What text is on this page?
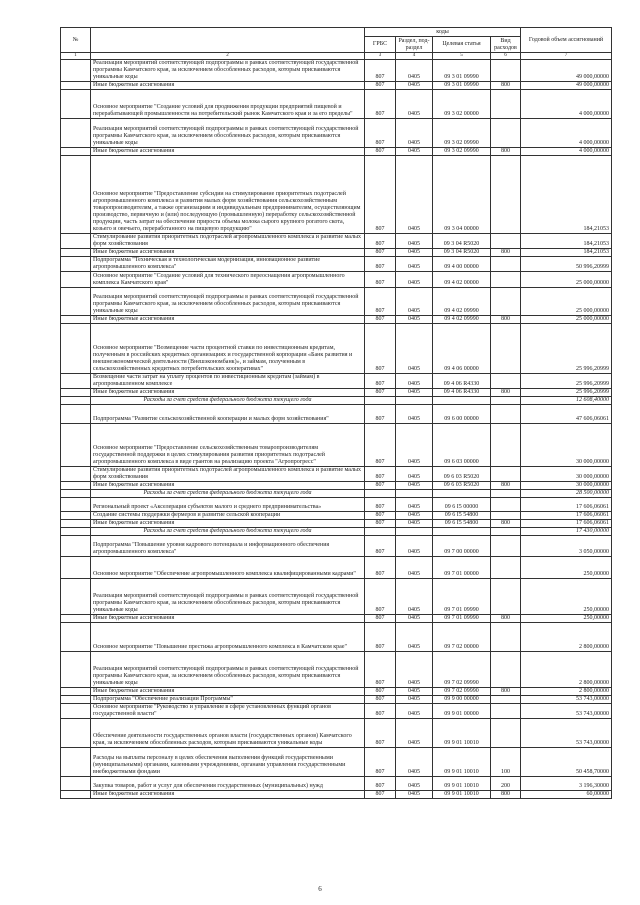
№		коды				Годовой объем ассигнований
		ГРБС	Раздел, под- раздел	Целевая статья	Вид расходов	
1	2	3	4	5	6	7
	Реализация мероприятий соответствующей подпрограммы в рамках соответствующей государственной программы Камчатского края, за исключением обособленных расходов, которым присваиваются уникальные коды	807	0405	09 3 01 09990		49 000,00000
	Иные бюджетные ассигнования	807	0405	09 3 01 09990	800	49 000,00000
	Основное мероприятие "Создание условий для продвижения продукции предприятий пищевой и перерабатывающей промышленности на потребительский рынок Камчатского края и за его пределы"	807	0405	09 3 02 00000		4 000,00000
	Реализация мероприятий соответствующей подпрограммы в рамках соответствующей государственной программы Камчатского края, за исключением обособленных расходов, которым присваиваются уникальные коды	807	0405	09 3 02 09990		4 000,00000
	Иные бюджетные ассигнования	807	0405	09 3 02 09990	800	4 000,00000
	Основное мероприятие "Предоставление субсидии на стимулирование приоритетных подотраслей агропромышленного комплекса и развития малых форм хозяйствования сельскохозяйственным товаропроизводителям, а также организациям и индивидуальным предпринимателям, осуществляющим производство, первичную и (или) последующую (промышленную) переработку сельскохозяйственной продукции, часть затрат на обеспечение прироста объема молока сырого крупного рогатого скота, козьего и овечьего, переработанного на пищевую продукцию"	807	0405	09 3 04 00000		184,21053
	Стимулирование развития приоритетных подотраслей агропромышленного комплекса и развитие малых форм хозяйствования	807	0405	09 3 04 R5020		184,21053
	Иные бюджетные ассигнования	807	0405	09 3 04 R5020	800	184,21053
	Подпрограмма "Техническая и технологическая модернизация, инновационное развитие агропромышленного комплекса"	807	0405	09 4 00 00000		50 996,20999
	Основное мероприятие "Создание условий для технического переоснащения агропромышленного комплекса Камчатского края"	807	0405	09 4 02 00000		25 000,00000
	Реализация мероприятий соответствующей подпрограммы в рамках соответствующей государственной программы Камчатского края, за исключением обособленных расходов, которым присваиваются уникальные коды	807	0405	09 4 02 09990		25 000,00000
	Иные бюджетные ассигнования	807	0405	09 4 02 09990	800	25 000,00000
	Основное мероприятие "Возмещение части процентной ставки по инвестиционным кредитам, полученным в российских кредитных организациях и государственной корпорации «Банк развития и внешнеэкономической деятельности (Внешэкономбанк)», и займам, полученным в сельскохозяйственных кредитных потребительских кооперативах"	807	0405	09 4 06 00000		25 996,20999
	Возмещение части затрат на уплату процентов по инвестиционным кредитам (займам) в агропромышленном комплексе	807	0405	09 4 06 R4330		25 996,20999
	Иные бюджетные ассигнования	807	0405	09 4 06 R4330	800	25 996,20999
	Расходы за счет средств федерального бюджета текущего года					12 608,40000
	Подпрограмма "Развитие сельскохозяйственной кооперации и малых форм хозяйствования"	807	0405	09 6 00 00000		47 606,06061
	Основное мероприятие "Предоставление сельскохозяйственным товаропроизводителям государственной поддержки в целях стимулирования развития приоритетных подотраслей агропромышленного комплекса в виде грантов на реализацию проекта "Агропрогресс"	807	0405	09 6 03 00000		30 000,00000
	Стимулирование развития приоритетных подотраслей агропромышленного комплекса и развитие малых форм хозяйствования	807	0405	09 6 03 R5020		30 000,00000
	Иные бюджетные ассигнования	807	0405	09 6 03 R5020	800	30 000,00000
	Расходы за счет средств федерального бюджета текущего года					28 500,00000
	Региональный проект «Акселерация субъектов малого и среднего предпринимательства»	807	0405	09 6 I5 00000		17 606,06061
	Создание системы поддержки фермеров и развитие сельской кооперации	807	0405	09 6 I5 54800		17 606,06061
	Иные бюджетные ассигнования	807	0405	09 6 I5 54800	800	17 606,06061
	Расходы за счет средств федерального бюджета текущего года					17 430,00000
	Подпрограмма "Повышение уровня кадрового потенциала и информационного обеспечения агропромышленного комплекса"	807	0405	09 7 00 00000		3 050,00000
	Основное мероприятие "Обеспечение агропромышленного комплекса квалифицированными кадрами"	807	0405	09 7 01 00000		250,00000
	Реализация мероприятий соответствующей подпрограммы в рамках соответствующей государственной программы Камчатского края, за исключением обособленных расходов, которым присваиваются уникальные коды	807	0405	09 7 01 09990		250,00000
	Иные бюджетные ассигнования	807	0405	09 7 01 09990	800	250,00000
	Основное мероприятие "Повышение престижа агропромышленного комплекса в Камчатском крае"	807	0405	09 7 02 00000		2 800,00000
	Реализация мероприятий соответствующей подпрограммы в рамках соответствующей государственной программы Камчатского края, за исключением обособленных расходов, которым присваиваются уникальные коды	807	0405	09 7 02 09990		2 800,00000
	Иные бюджетные ассигнования	807	0405	09 7 02 09990	800	2 800,00000
	Подпрограмма "Обеспечение реализации Программы"	807	0405	09 9 00 00000		53 743,00000
	Основное мероприятие "Руководство и управление в сфере установленных функций органов государственной власти"	807	0405	09 9 01 00000		53 743,00000
	Обеспечение деятельности государственных органов власти (государственных органов) Камчатского края, за исключением обособленных расходов, которым присваиваются уникальные коды	807	0405	09 9 01 10010		53 743,00000
	Расходы на выплаты персоналу в целях обеспечения выполнения функций государственными (муниципальными) органами, казенными учреждениями, органами управления государственными внебюджетными фондами	807	0405	09 9 01 10010	100	50 458,70000
	Закупка товаров, работ и услуг для обеспечения государственных (муниципальных) нужд	807	0405	09 9 01 10010	200	3 196,30000
	Иные бюджетные ассигнования	807	0405	09 9 01 10010	800	60,00000
6
